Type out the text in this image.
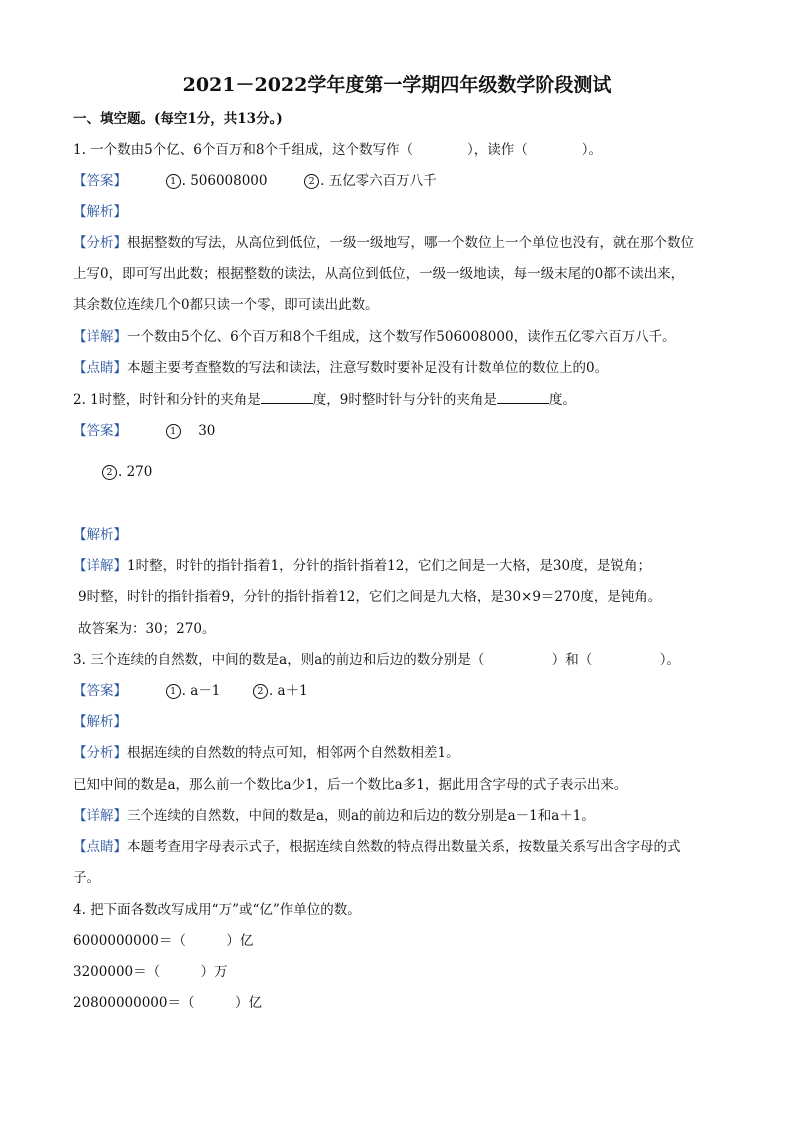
2021－2022学年度第一学期四年级数学阶段测试
一、填空题。(每空1分，共13分。)
1. 一个数由5个亿、6个百万和8个千组成，这个数写作（　　　　），读作（　　　　）。
【答案】	1 . 506008000	2 . 五亿零六百万八千
【解析】
【分析】根据整数的写法，从高位到低位，一级一级地写，哪一个数位上一个单位也没有，就在那个数位
上写0，即可写出此数；根据整数的读法，从高位到低位，一级一级地读，每一级末尾的0都不读出来，
其余数位连续几个0都只读一个零，即可读出此数。
【详解】一个数由5个亿、6个百万和8个千组成，这个数写作506008000，读作五亿零六百万八千。
【点睛】本题主要考查整数的写法和读法，注意写数时要补足没有计数单位的数位上的0。
2. 1时整，时针和分针的夹角是	度，9时整时针与分针的夹角是	度。
【答案】	1 30
2 . 270
【解析】
【详解】1时整，时针的指针指着1，分针的指针指着12，它们之间是一大格，是30度，是锐角；
9时整，时针的指针指着9，分针的指针指着12，它们之间是九大格，是30×9＝270度，是钝角。
故答案为：30；270。
3. 三个连续的自然数，中间的数是a，则a的前边和后边的数分别是（　　　　　）和（　　　　　）。
【答案】	1 . a－1	2 . a＋1
【解析】
【分析】根据连续的自然数的特点可知，相邻两个自然数相差1。
已知中间的数是a，那么前一个数比a少1，后一个数比a多1，据此用含字母的式子表示出来。
【详解】三个连续的自然数，中间的数是a，则a的前边和后边的数分别是a－1和a＋1。
【点睛】本题考查用字母表示式子，根据连续自然数的特点得出数量关系，按数量关系写出含字母的式
子。
4. 把下面各数改写成用“万”或“亿”作单位的数。
6000000000＝（　　　）亿
3200000＝（　　　）万
20800000000＝（　　　）亿
